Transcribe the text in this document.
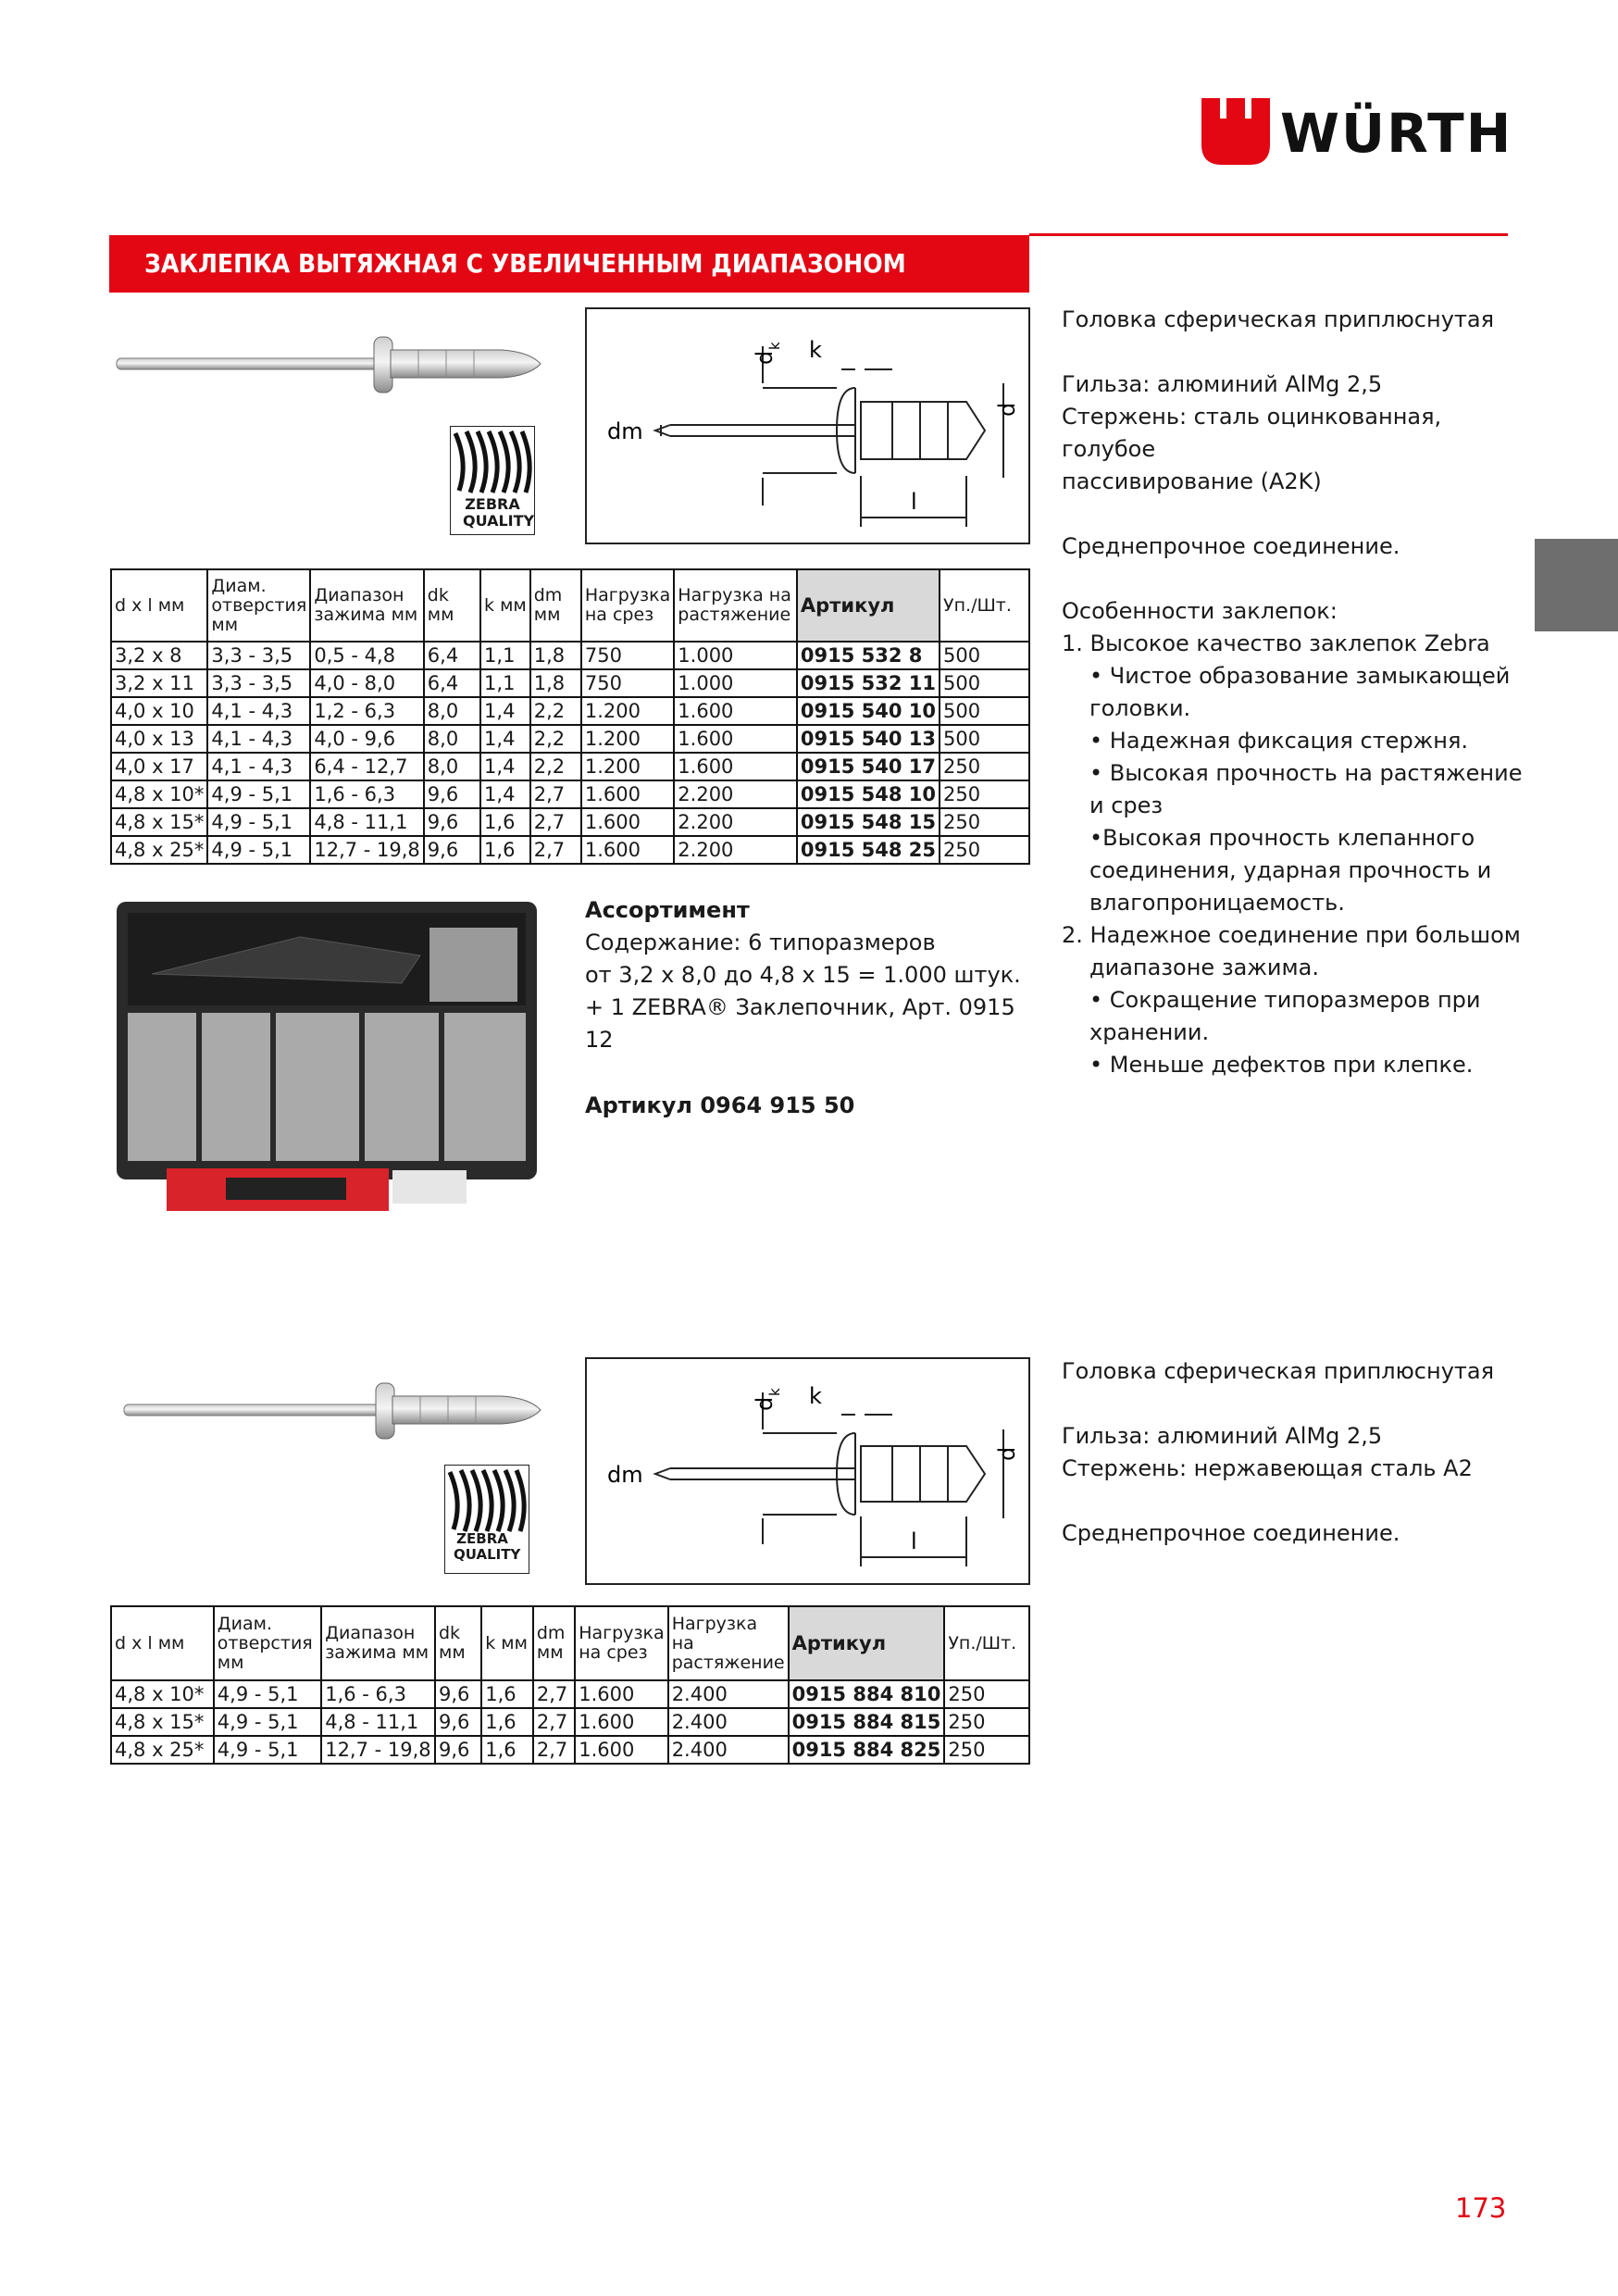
WÜRTH
ЗАКЛЕПКА ВЫТЯЖНАЯ С УВЕЛИЧЕННЫМ ДИАПАЗОНОМ ЗАЖИМА
ZEBRA
QUALITY
d
k k
d
dm
l

Головка сферическая приплюснутая

Гильза: алюминий AlMg 2,5

Стержень: сталь оцинкованная, голубое

пассивирование (A2K)

Среднепрочное соединение.

Особенности заклепок:

1. Высокое качество заклепок Zebra

• Чистое образование замыкающей

головки.

• Надежная фиксация стержня.

• Высокая прочность на растяжение

и срез

•Высокая прочность клепанного

соединения, ударная прочность и

влагопроницаемость.

2. Надежное соединение при большом

диапазоне зажима.

• Сокращение типоразмеров при

хранении.

• Меньше дефектов при клепке.

d x l мм	Диам. отверстия мм	Диапазон зажима мм	dk мм	k мм	dm мм	Нагрузка на срез	Нагрузка на растяжение	Артикул	Уп./Шт.
3,2 x 8	3,3 - 3,5	0,5 - 4,8	6,4	1,1	1,8	750	1.000	0915 532 8	500
3,2 x 11	3,3 - 3,5	4,0 - 8,0	6,4	1,1	1,8	750	1.000	0915 532 11	500
4,0 x 10	4,1 - 4,3	1,2 - 6,3	8,0	1,4	2,2	1.200	1.600	0915 540 10	500
4,0 x 13	4,1 - 4,3	4,0 - 9,6	8,0	1,4	2,2	1.200	1.600	0915 540 13	500
4,0 x 17	4,1 - 4,3	6,4 - 12,7	8,0	1,4	2,2	1.200	1.600	0915 540 17	250
4,8 x 10*	4,9 - 5,1	1,6 - 6,3	9,6	1,4	2,7	1.600	2.200	0915 548 10	250
4,8 x 15*	4,9 - 5,1	4,8 - 11,1	9,6	1,6	2,7	1.600	2.200	0915 548 15	250
4,8 x 25*	4,9 - 5,1	12,7 - 19,8	9,6	1,6	2,7	1.600	2.200	0915 548 25	250
Ассортимент
Содержание: 6 типоразмеров
от 3,2 x 8,0 до 4,8 x 15 = 1.000 штук.
+ 1 ZEBRA® Заклепочник, Арт. 0915 12
Артикул 0964 915 50
ZEBRA
QUALITY
d
k k
d
dm
l

Головка сферическая приплюснутая

Гильза: алюминий AlMg 2,5

Стержень: нержавеющая сталь A2

Среднепрочное соединение.

d x l мм	Диам. отверстия мм	Диапазон зажима мм	dk мм	k мм	dm мм	Нагрузка на срез	Нагрузка на растяжение	Артикул	Уп./Шт.
4,8 x 10*	4,9 - 5,1	1,6 - 6,3	9,6	1,6	2,7	1.600	2.400	0915 884 810	250
4,8 x 15*	4,9 - 5,1	4,8 - 11,1	9,6	1,6	2,7	1.600	2.400	0915 884 815	250
4,8 x 25*	4,9 - 5,1	12,7 - 19,8	9,6	1,6	2,7	1.600	2.400	0915 884 825	250
173
